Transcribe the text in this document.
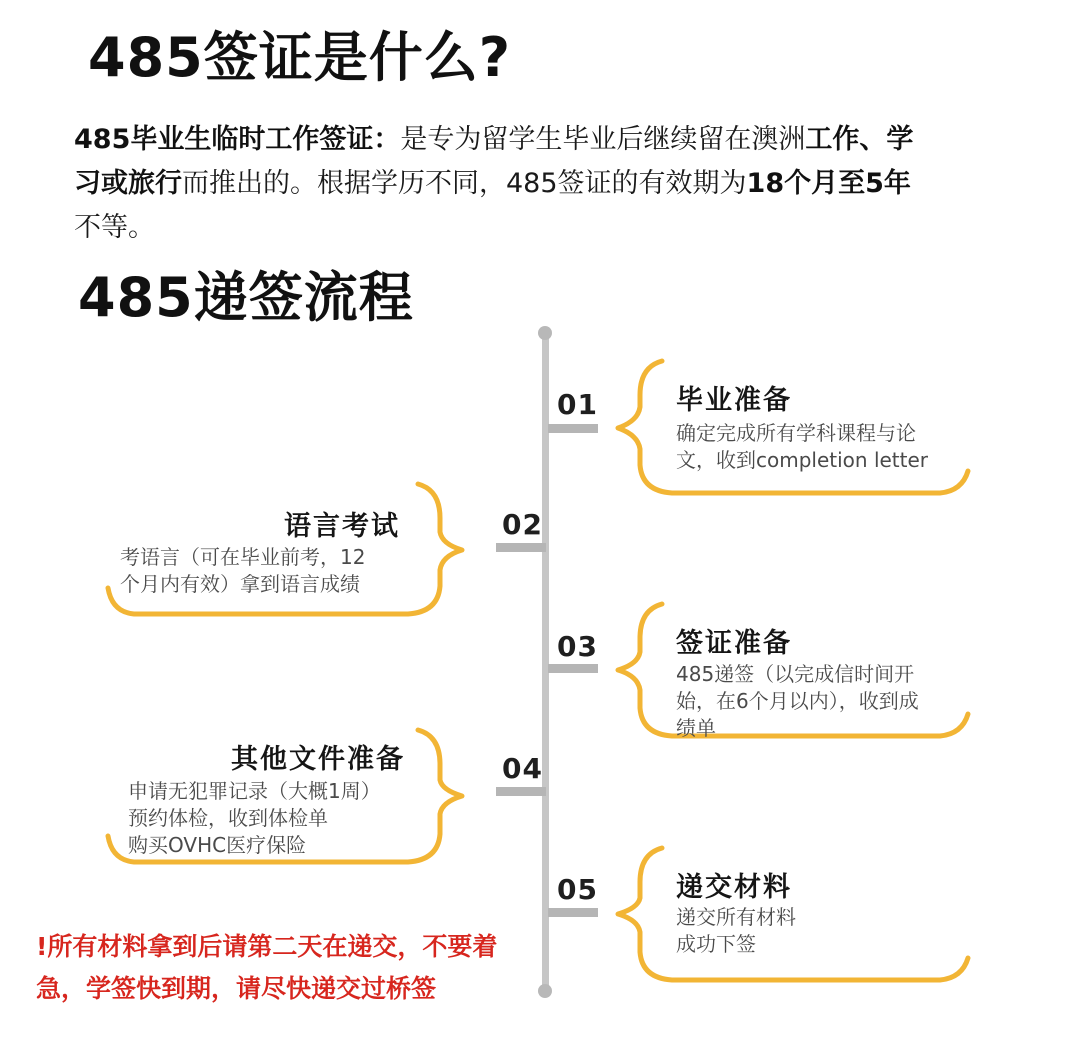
485签证是什么?
485毕业生临时工作签证：是专为留学生毕业后继续留在澳洲工作、学
习或旅行而推出的。根据学历不同，485签证的有效期为18个月至5年
不等。
485递签流程
01	毕业准备
确定完成所有学科课程与论
文，收到completion letter
02
语言考试
考语言（可在毕业前考，12
个月内有效）拿到语言成绩
03	签证准备
485递签（以完成信时间开
始，在6个月以内），收到成
绩单
04
其他文件准备
申请无犯罪记录（大概1周）
预约体检，收到体检单
购买OVHC医疗保险
05	递交材料
递交所有材料
成功下签
!所有材料拿到后请第二天在递交，不要着
急，学签快到期，请尽快递交过桥签
